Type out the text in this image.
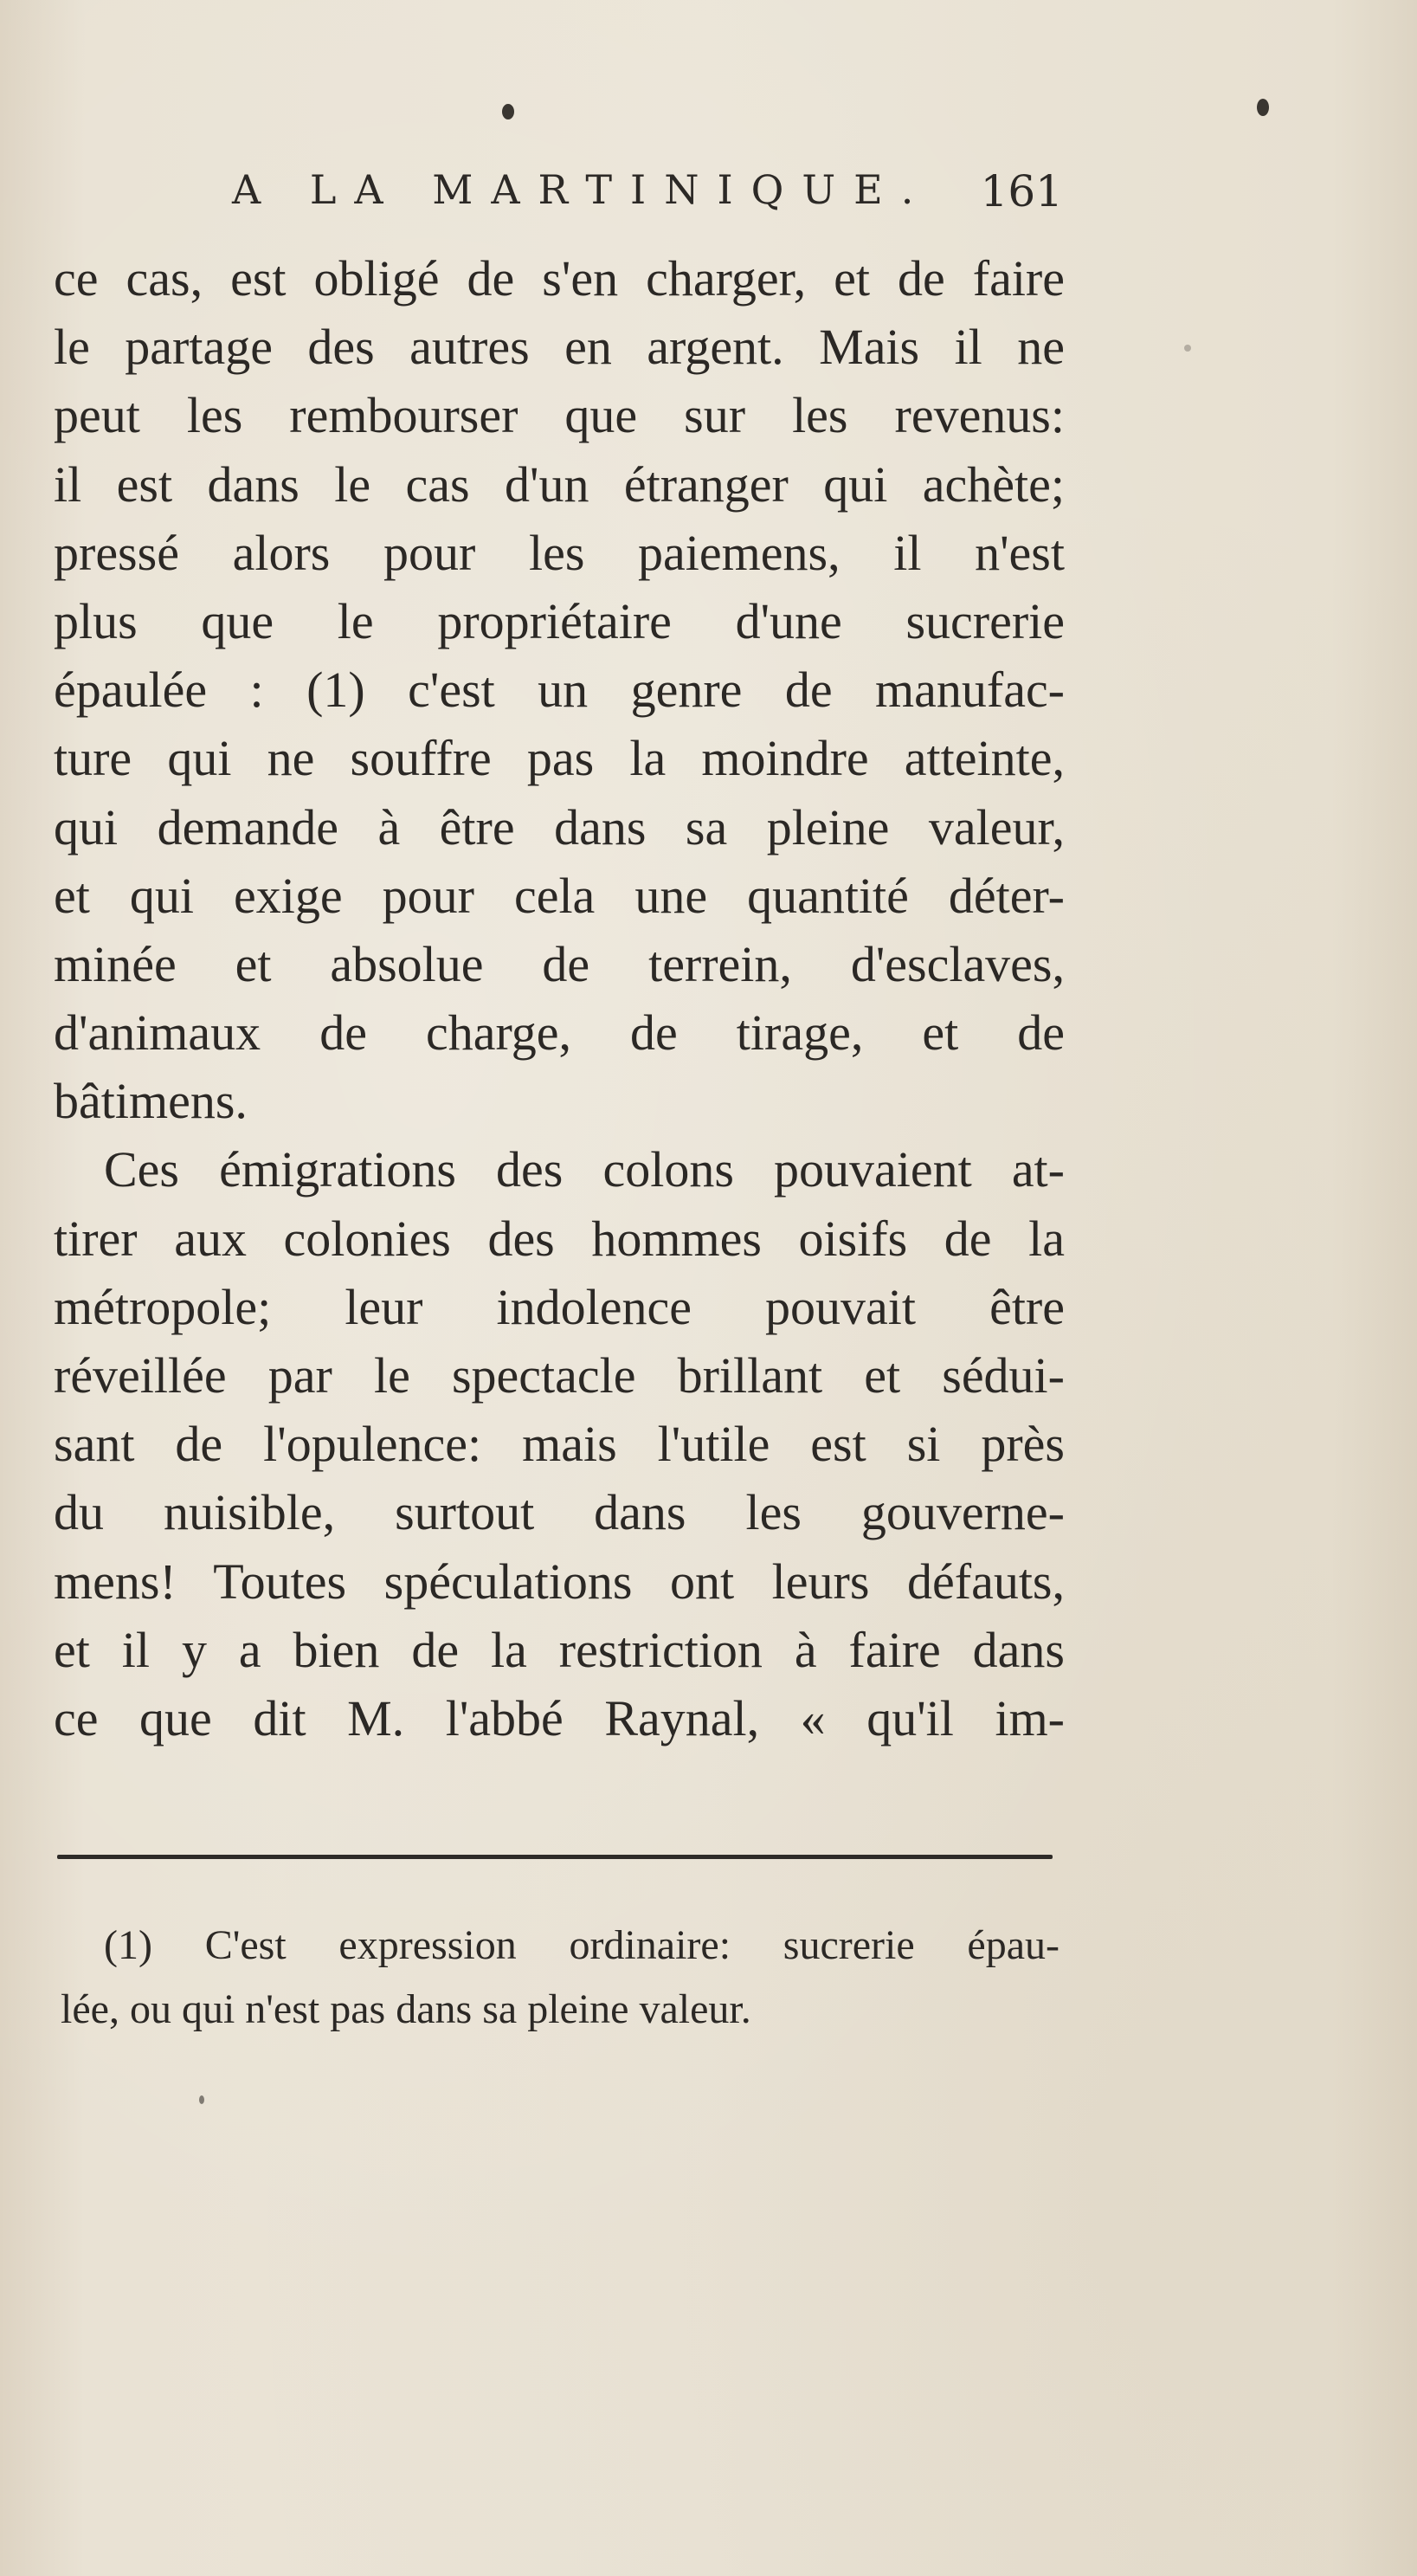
A LA MARTINIQUE. 161
ce cas, est obligé de s'en charger, et de faire
le partage des autres en argent. Mais il ne
peut les rembourser que sur les revenus:
il est dans le cas d'un étranger qui achète;
pressé alors pour les paiemens, il n'est
plus que le propriétaire d'une sucrerie
épaulée : (1) c'est un genre de manufac-
ture qui ne souffre pas la moindre atteinte,
qui demande à être dans sa pleine valeur,
et qui exige pour cela une quantité déter-
minée et absolue de terrein, d'esclaves,
d'animaux de charge, de tirage, et de
bâtimens.
Ces émigrations des colons pouvaient at-
tirer aux colonies des hommes oisifs de la
métropole; leur indolence pouvait être
réveillée par le spectacle brillant et sédui-
sant de l'opulence: mais l'utile est si près
du nuisible, surtout dans les gouverne-
mens! Toutes spéculations ont leurs défauts,
et il y a bien de la restriction à faire dans
ce que dit M. l'abbé Raynal, « qu'il im-
(1) C'est expression ordinaire: sucrerie épau-
lée, ou qui n'est pas dans sa pleine valeur.
